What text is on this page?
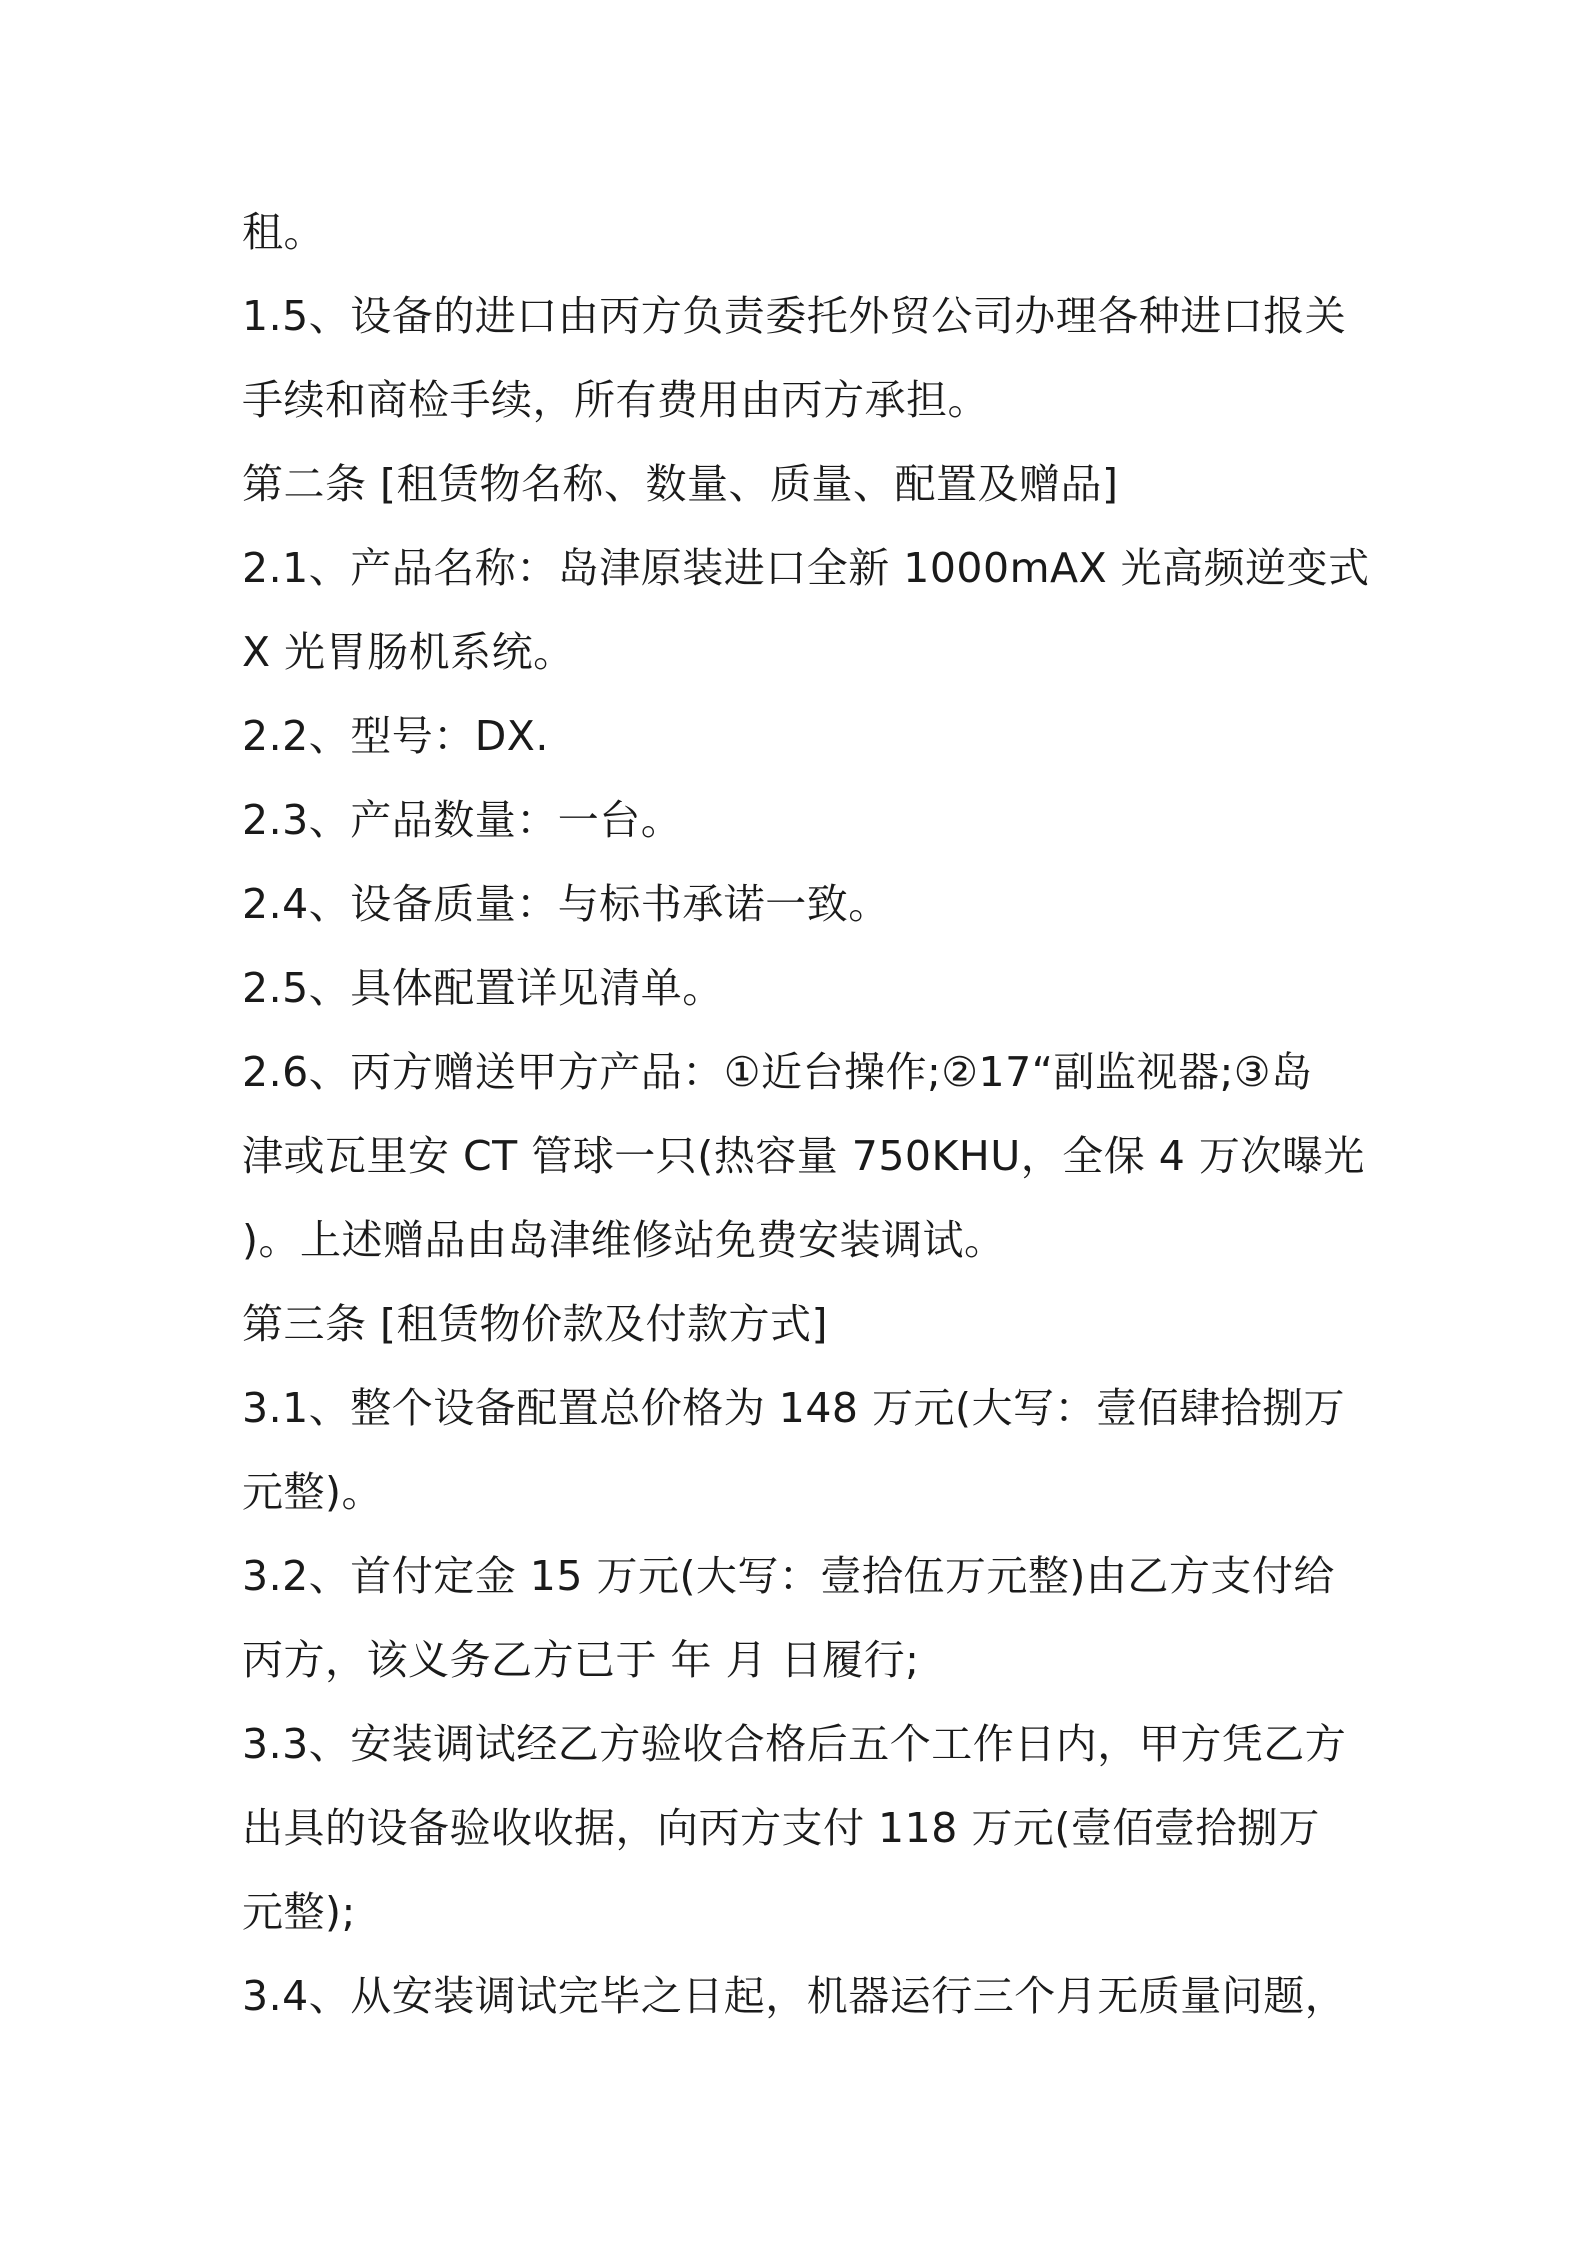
租。
1.5、设备的进口由丙方负责委托外贸公司办理各种进口报关
手续和商检手续，所有费用由丙方承担。
第二条 [租赁物名称、数量、质量、配置及赠品]
2.1、产品名称：岛津原装进口全新 1000mAX 光高频逆变式
X 光胃肠机系统。
2.2、型号：DX.
2.3、产品数量：一台。
2.4、设备质量：与标书承诺一致。
2.5、具体配置详见清单。
2.6、丙方赠送甲方产品：①近台操作;②17“副监视器;③岛
津或瓦里安 CT 管球一只(热容量 750KHU，全保 4 万次曝光
)。上述赠品由岛津维修站免费安装调试。
第三条 [租赁物价款及付款方式]
3.1、整个设备配置总价格为 148 万元(大写：壹佰肆拾捌万
元整)。
3.2、首付定金 15 万元(大写：壹拾伍万元整)由乙方支付给
丙方，该义务乙方已于 年 月 日履行;
3.3、安装调试经乙方验收合格后五个工作日内，甲方凭乙方
出具的设备验收收据，向丙方支付 118 万元(壹佰壹拾捌万
元整);
3.4、从安装调试完毕之日起，机器运行三个月无质量问题，
